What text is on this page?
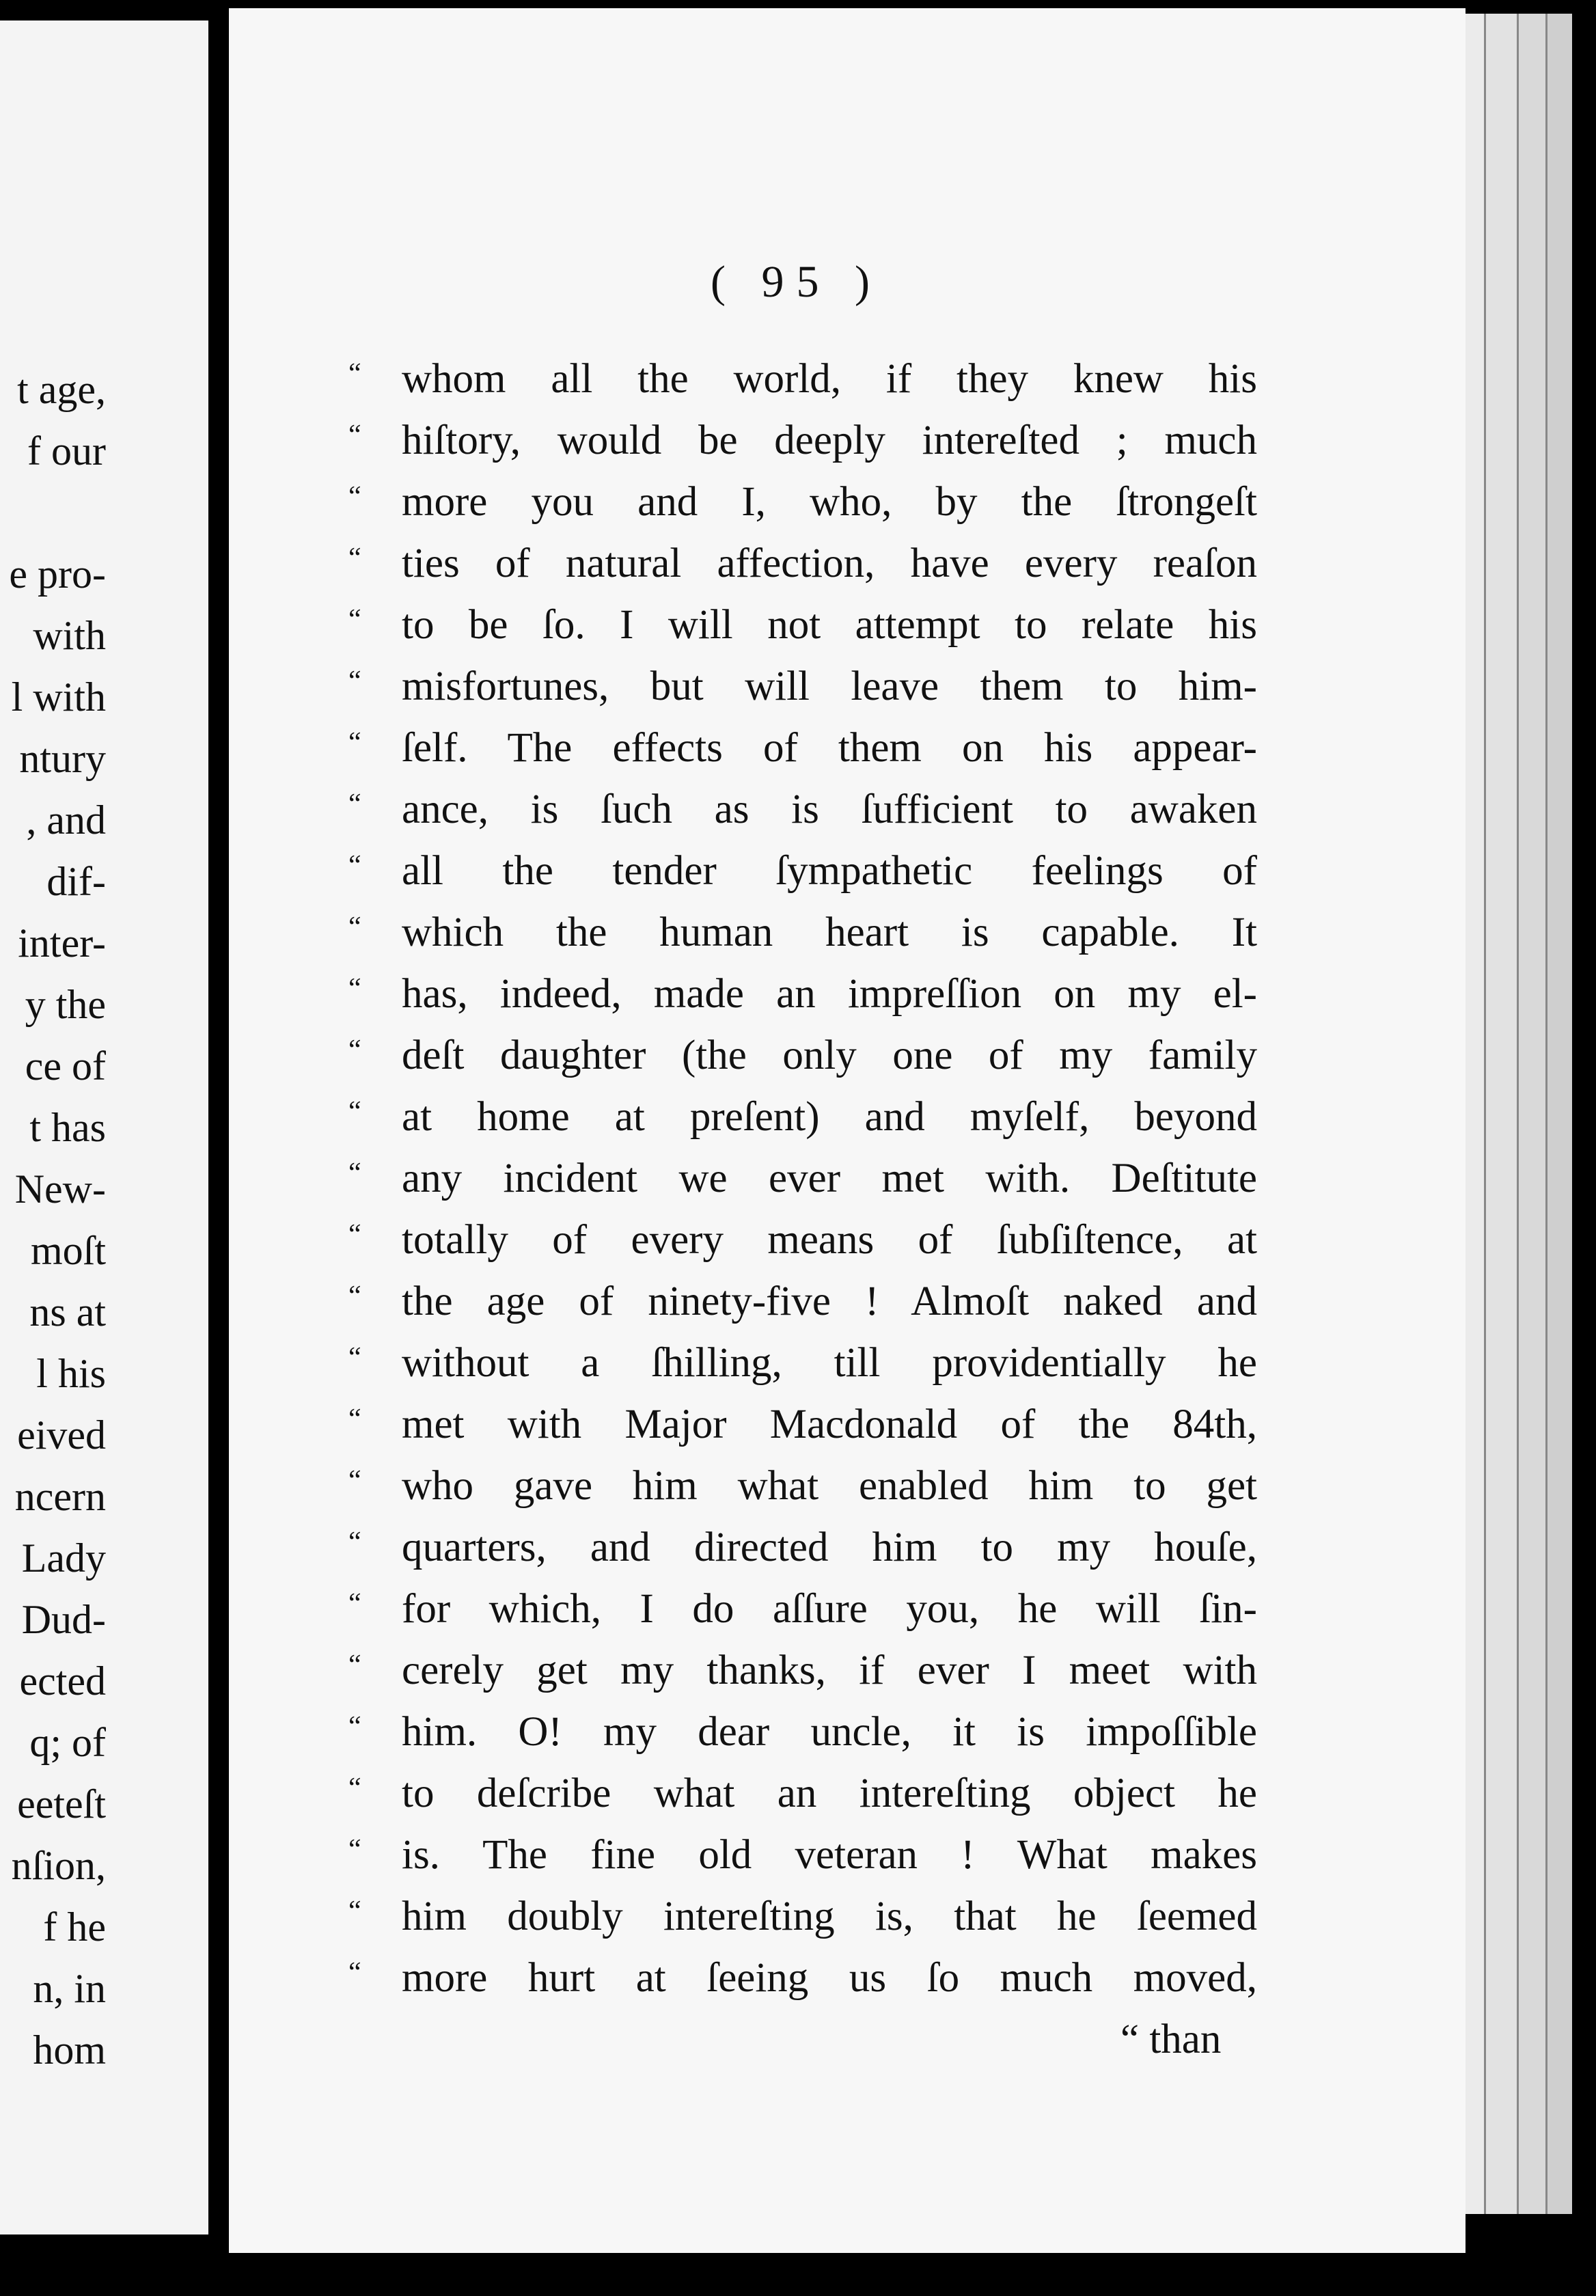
t age,
f our
e pro-
with
l with
ntury
, and
dif-
inter-
y the
ce of
t has
New-
moſt
ns at
l his
eived
ncern
Lady
Dud-
ected
q; of
eeteſt
nſion,
f he
n, in
hom
( 95 )
“ whom all the world, if they knew his
“ hiſtory, would be deeply intereſted ; much
“ more you and I, who, by the ſtrongeſt
“ ties of natural affection, have every reaſon
“ to be ſo. I will not attempt to relate his
“ misfortunes, but will leave them to him-
“ ſelf. The effects of them on his appear-
“ ance, is ſuch as is ſufficient to awaken
“ all the tender ſympathetic feelings of
“ which the human heart is capable. It
“ has, indeed, made an impreſſion on my el-
“ deſt daughter (the only one of my family
“ at home at preſent) and myſelf, beyond
“ any incident we ever met with. Deſtitute
“ totally of every means of ſubſiſtence, at
“ the age of ninety-five ! Almoſt naked and
“ without a ſhilling, till providentially he
“ met with Major Macdonald of the 84th,
“ who gave him what enabled him to get
“ quarters, and directed him to my houſe,
“ for which, I do aſſure you, he will ſin-
“ cerely get my thanks, if ever I meet with
“ him. O! my dear uncle, it is impoſſible
“ to deſcribe what an intereſting object he
“ is. The fine old veteran ! What makes
“ him doubly intereſting is, that he ſeemed
“ more hurt at ſeeing us ſo much moved,
“ than
